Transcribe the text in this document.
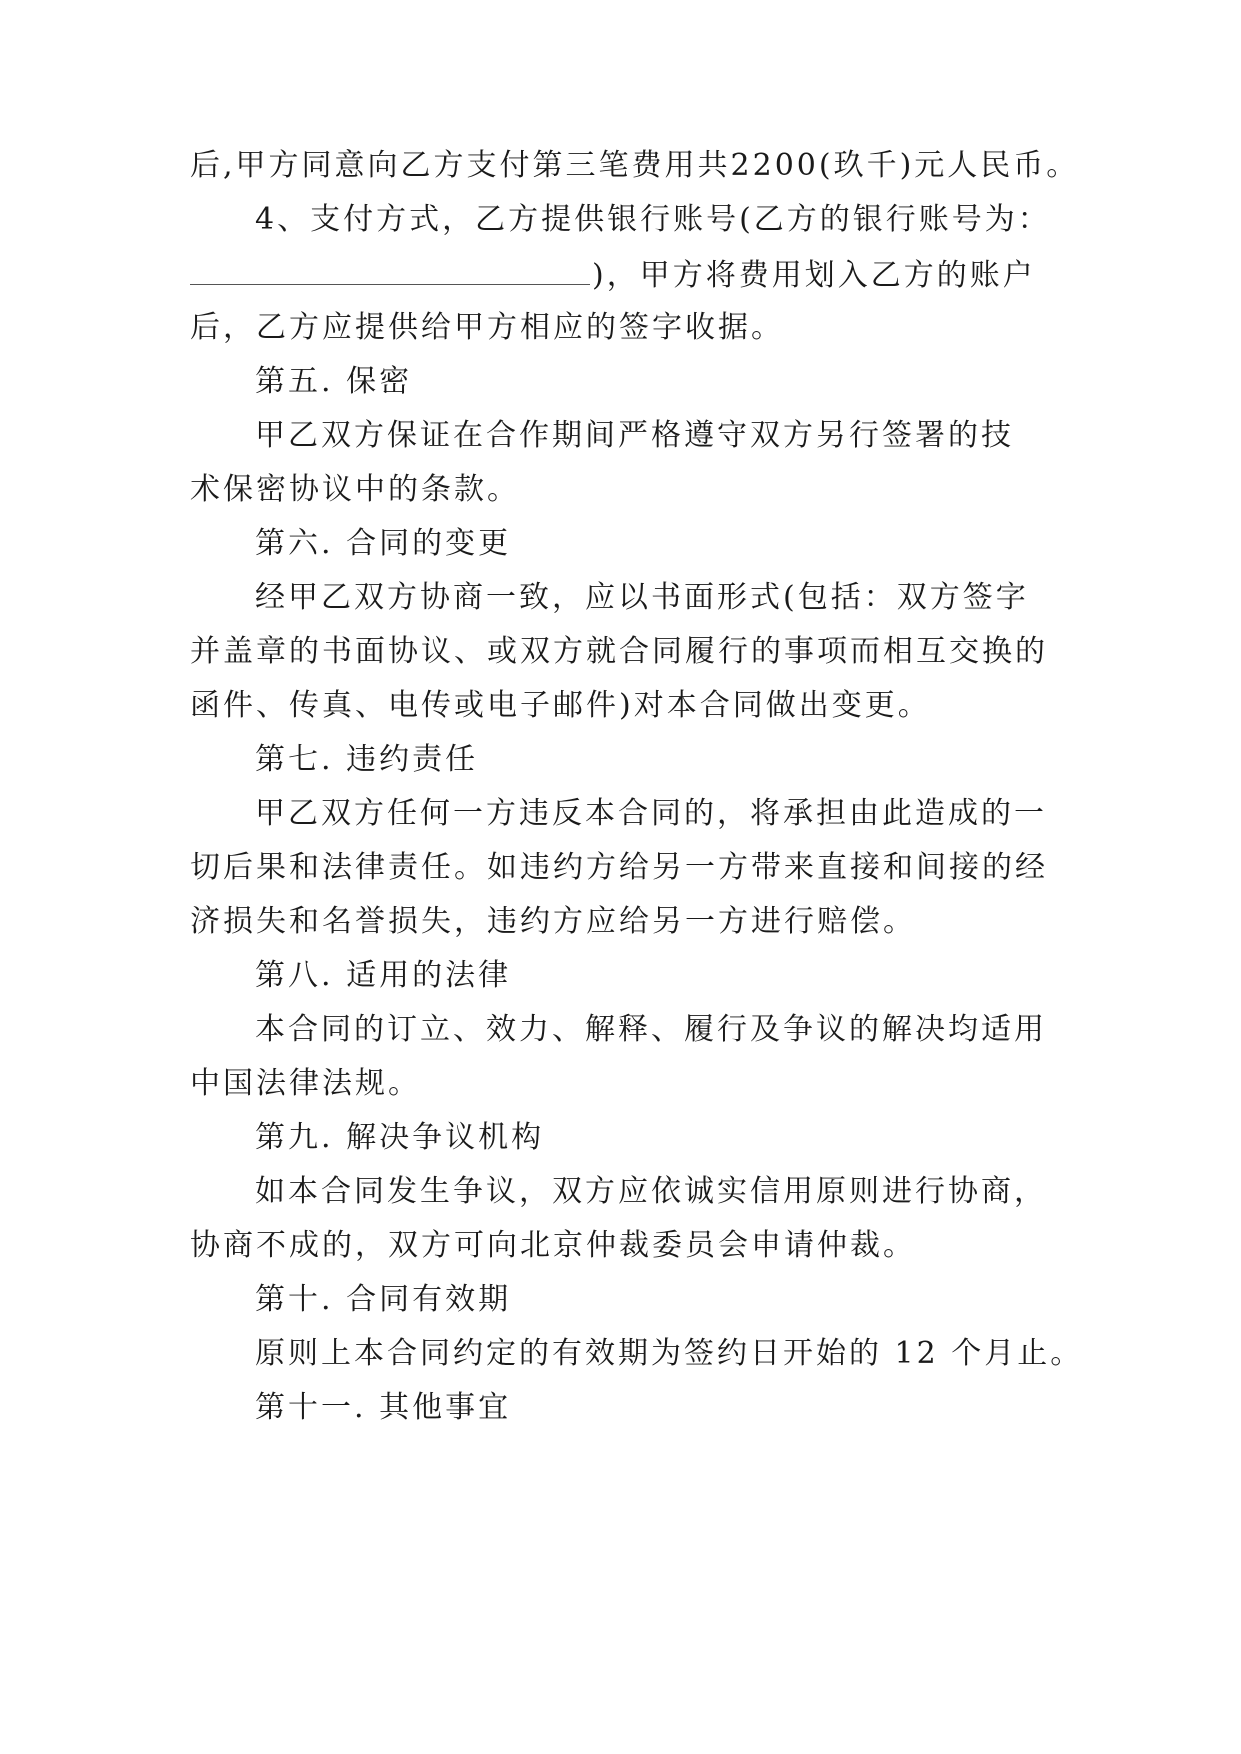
后,甲方同意向乙方支付第三笔费用共2200(玖千)元人民币。
4、支付方式，乙方提供银行账号(乙方的银行账号为：
)，甲方将费用划入乙方的账户
后，乙方应提供给甲方相应的签字收据。
第五. 保密
甲乙双方保证在合作期间严格遵守双方另行签署的技
术保密协议中的条款。
第六. 合同的变更
经甲乙双方协商一致，应以书面形式(包括：双方签字
并盖章的书面协议、或双方就合同履行的事项而相互交换的
函件、传真、电传或电子邮件)对本合同做出变更。
第七. 违约责任
甲乙双方任何一方违反本合同的，将承担由此造成的一
切后果和法律责任。如违约方给另一方带来直接和间接的经
济损失和名誉损失，违约方应给另一方进行赔偿。
第八. 适用的法律
本合同的订立、效力、解释、履行及争议的解决均适用
中国法律法规。
第九. 解决争议机构
如本合同发生争议，双方应依诚实信用原则进行协商，
协商不成的，双方可向北京仲裁委员会申请仲裁。
第十. 合同有效期
原则上本合同约定的有效期为签约日开始的 12 个月止。
第十一. 其他事宜
